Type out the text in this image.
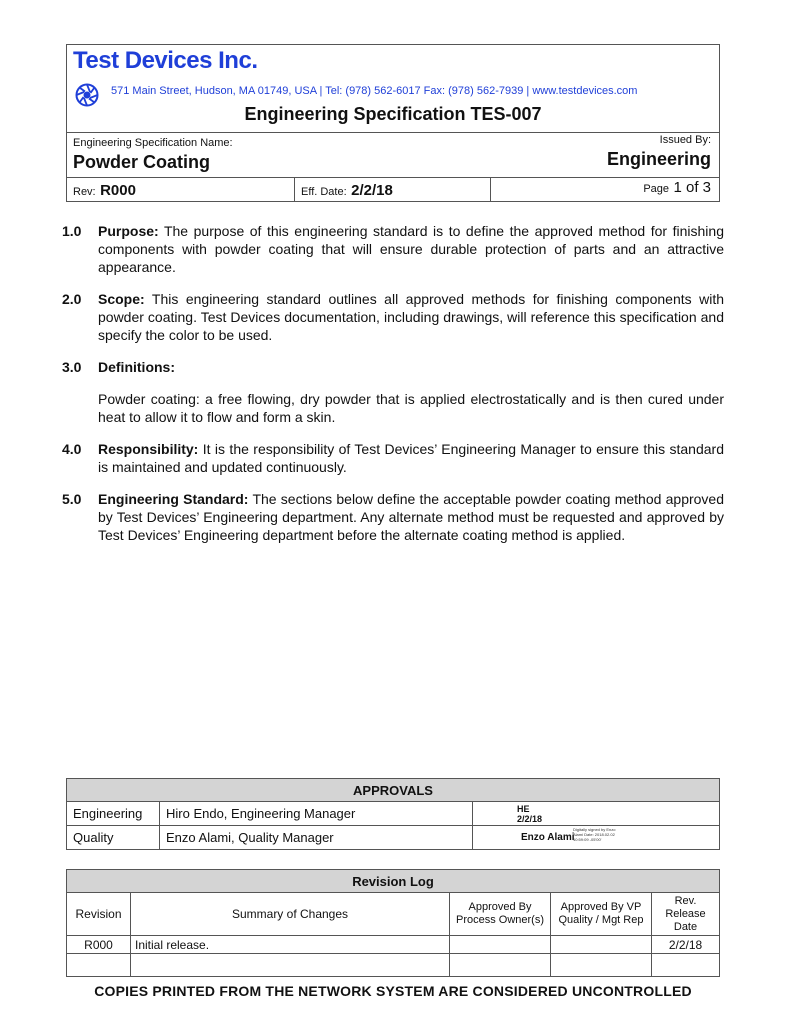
Test Devices Inc.
571 Main Street, Hudson, MA 01749, USA | Tel: (978) 562-6017 Fax: (978) 562-7939 | www.testdevices.com
Engineering Specification TES-007
Engineering Specification Name:
Powder Coating
Issued By:
Engineering
Rev: R000	Eff. Date: 2/2/18	Page 1 of 3
1.0 Purpose: The purpose of this engineering standard is to define the approved method for finishing components with powder coating that will ensure durable protection of parts and an attractive appearance.
2.0 Scope: This engineering standard outlines all approved methods for finishing components with powder coating. Test Devices documentation, including drawings, will reference this specification and specify the color to be used.
3.0 Definitions:
Powder coating: a free flowing, dry powder that is applied electrostatically and is then cured under heat to allow it to flow and form a skin.
4.0 Responsibility: It is the responsibility of Test Devices’ Engineering Manager to ensure this standard is maintained and updated continuously.
5.0 Engineering Standard: The sections below define the acceptable powder coating method approved by Test Devices’ Engineering department. Any alternate method must be requested and approved by Test Devices’ Engineering department before the alternate coating method is applied.
APPROVALS		
Engineering	Hiro Endo, Engineering Manager	HE
2/2/18

Quality	Enzo Alami, Quality Manager	Enzo Alami
Digitally signed by Enzo Alami Date: 2018.02.02 10:59:09 -05'00'
Revision Log				
Revision	Summary of Changes	Approved By Process Owner(s)	Approved By VP Quality / Mgt Rep	Rev. Release Date
R000	Initial release.			2/2/18

COPIES PRINTED FROM THE NETWORK SYSTEM ARE CONSIDERED UNCONTROLLED
